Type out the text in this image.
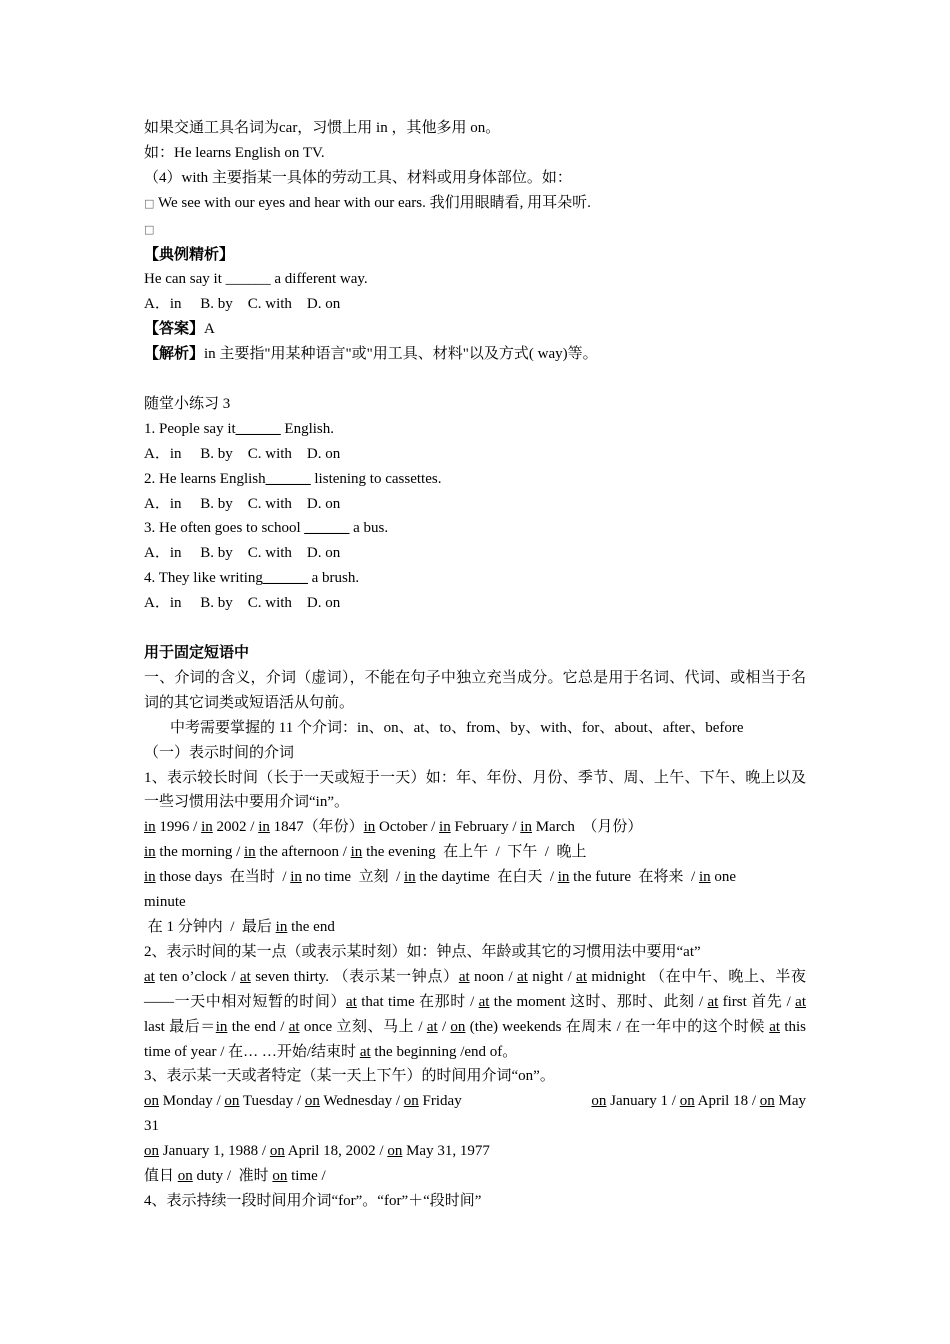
如果交通工具名词为car，习惯上用 in ，其他多用 on。
如：He learns English on TV.
（4）with 主要指某一具体的劳动工具、材料或用身体部位。如：
□ We see with our eyes and hear with our ears. 我们用眼睛看, 用耳朵听.
□
【典例精析】
He can say it ______ a different way.
A．in     B. by    C. with    D. on
【答案】A
【解析】in 主要指"用某种语言"或"用工具、材料"以及方式( way)等。
随堂小练习 3
1. People say it______ English.
A．in     B. by    C. with    D. on
2. He learns English______ listening to cassettes.
A．in     B. by    C. with    D. on
3. He often goes to school ______ a bus.
A．in     B. by    C. with    D. on
4. They like writing______ a brush.
A．in     B. by    C. with    D. on
用于固定短语中
一、介词的含义，介词（虚词），不能在句子中独立充当成分。它总是用于名词、代词、或相当于名词的其它词类或短语活从句前。
中考需要掌握的 11 个介词：in、on、at、to、from、by、with、for、about、after、before
（一）表示时间的介词
1、表示较长时间（长于一天或短于一天）如：年、年份、月份、季节、周、上午、下午、晚上以及一些习惯用法中要用介词“in”。
in 1996 / in 2002 / in 1847（年份）in October / in February / in March  （月份）
in the morning / in the afternoon / in the evening  在上午  /  下午  /  晚上
in those days  在当时  / in no time  立刻  / in the daytime  在白天  / in the future  在将来  / in one
minute
在 1 分钟内  /  最后 in the end
2、表示时间的某一点（或表示某时刻）如：钟点、年龄或其它的习惯用法中要用“at”
at ten o’clock / at seven thirty. （表示某一钟点）at noon / at night / at midnight （在中午、晚上、半夜——一天中相对短暂的时间）at that time 在那时 / at the moment 这时、那时、此刻 / at first 首先 / at last 最后＝in the end / at once 立刻、马上 / at / on (the) weekends 在周末 / 在一年中的这个时候 at this time of year / 在… …开始/结束时 at the beginning /end of。
3、表示某一天或者特定（某一天上下午）的时间用介词“on”。
on Monday / on Tuesday / on Wednesday / on Friday	on January 1 / on April 18 / on May
31
on January 1, 1988 / on April 18, 2002 / on May 31, 1977
值日 on duty /  准时 on time /
4、表示持续一段时间用介词“for”。“for”＋“段时间”
